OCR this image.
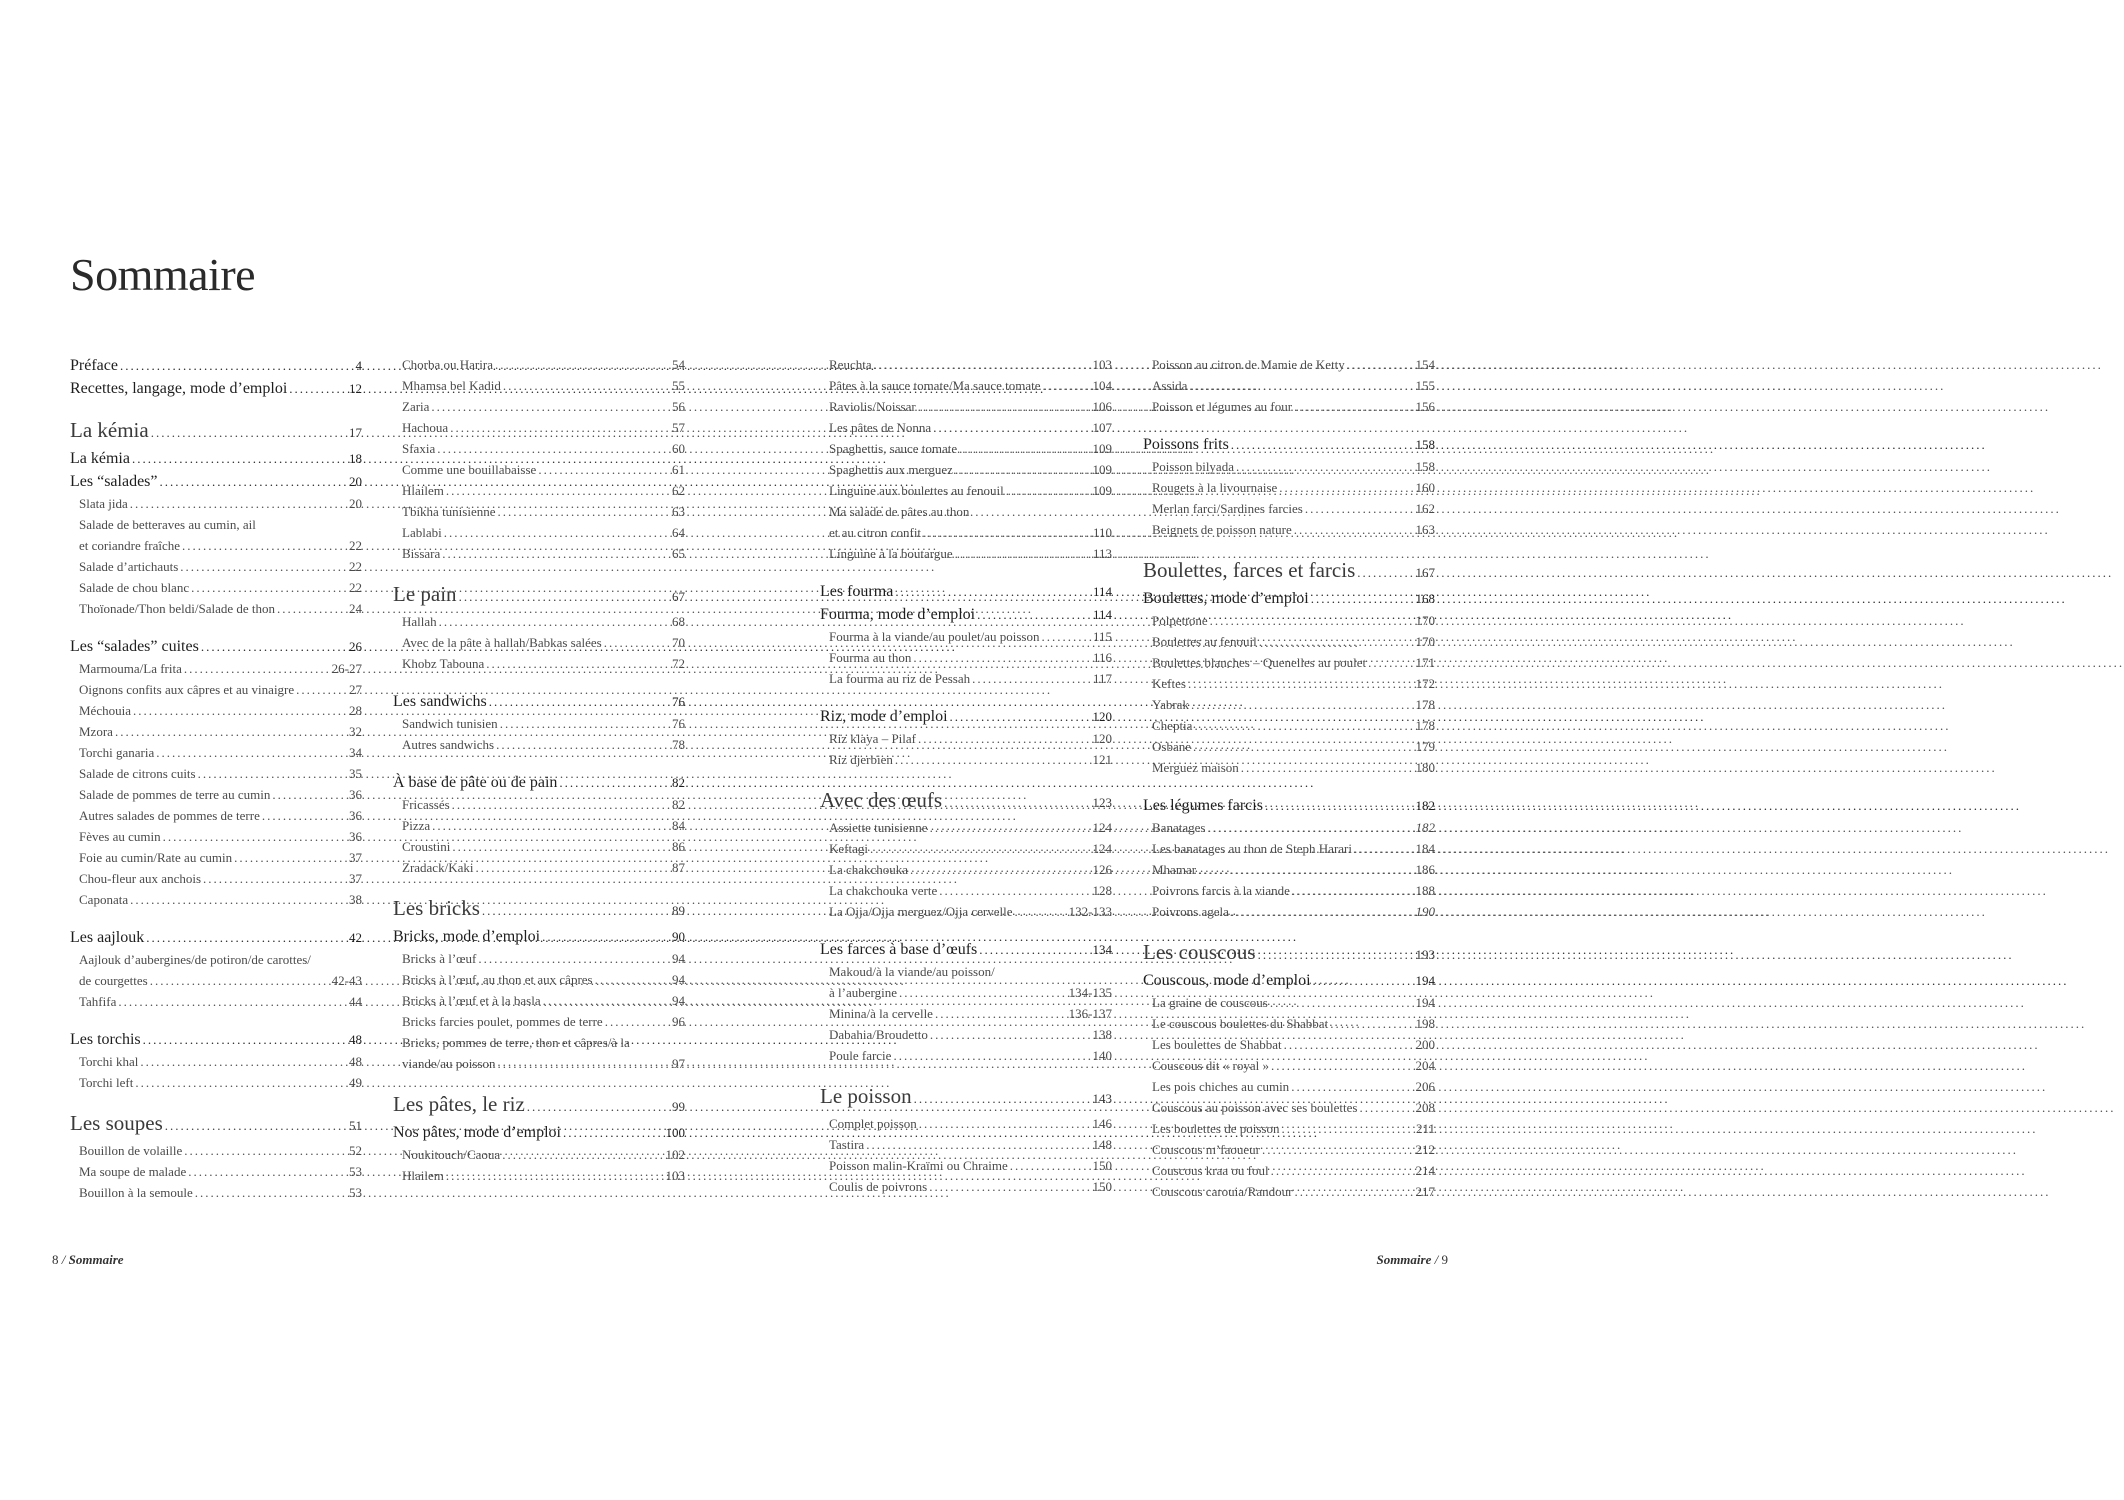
Sommaire
Préface .....	4
Recettes, langage, mode d’emploi .....	12
La kémia .....	17
La kémia .....	18
Les “salades” .....	20
Slata jida .....	20
Salade de betteraves au cumin, ail
et coriandre fraîche .....	22
Salade d’artichauts .....	22
Salade de chou blanc .....	22
Thoïonade/Thon beldi/Salade de thon .....	24
Les “salades” cuites .....	26
Marmouma/La frita .....	26-27
Oignons confits aux câpres et au vinaigre .....	27
Méchouia .....	28
Mzora .....	32
Torchi ganaria .....	34
Salade de citrons cuits .....	35
Salade de pommes de terre au cumin .....	36
Autres salades de pommes de terre .....	36
Fèves au cumin .....	36
Foie au cumin/Rate au cumin .....	37
Chou-fleur aux anchois .....	37
Caponata .....	38
Les aajlouk .....	42
Aajlouk d’aubergines/de potiron/de carottes/
de courgettes .....	42-43
Tahfifa .....	44
Les torchis .....	48
Torchi khal .....	48
Torchi left .....	49
Les soupes .....	51
Bouillon de volaille .....	52
Ma soupe de malade .....	53
Bouillon à la semoule .....	53
Chorba ou Harira .....	54
Mhamsa bel Kadid .....	55
Zaria .....	56
Hachoua .....	57
Sfaxia .....	60
Comme une bouillabaisse .....	61
Hlailem .....	62
Tbikha tunisienne .....	63
Lablabi .....	64
Bissara .....	65
Le pain .....	67
Hallah .....	68
Avec de la pâte à hallah/Babkas salées .....	70
Khobz Tabouna .....	72
Les sandwichs .....	76
Sandwich tunisien .....	76
Autres sandwichs .....	78
À base de pâte ou de pain .....	82
Fricassés .....	82
Pizza .....	84
Croustini .....	86
Zradack/Kaki .....	87
Les bricks .....	89
Bricks, mode d’emploi .....	90
Bricks à l’œuf .....	94
Bricks à l’œuf, au thon et aux câpres .....	94
Bricks à l’œuf et à la basla .....	94
Bricks farcies poulet, pommes de terre .....	96
Bricks, pommes de terre, thon et câpres/à la
viande/au poisson .....	97
Les pâtes, le riz .....	99
Nos pâtes, mode d’emploi .....	100
Noukitouch/Caoua .....	102
Hlailem .....	103
Reuchta .....	103
Pâtes à la sauce tomate/Ma sauce tomate .....	104
Raviolis/Noissar .....	106
Les pâtes de Nonna .....	107
Spaghettis, sauce tomate .....	109
Spaghettis aux merguez .....	109
Linguine aux boulettes au fenouil .....	109
Ma salade de pâtes au thon
et au citron confit .....	110
Linguine à la boutargue .....	113
Les fourma .....	114
Fourma, mode d’emploi .....	114
Fourma à la viande/au poulet/au poisson .....	115
Fourma au thon .....	116
La fourma au riz de Pessah .....	117
Riz, mode d’emploi .....	120
Riz klaya – Pilaf .....	120
Riz djerbien .....	121
Avec des œufs .....	123
Assiette tunisienne .....	124
Keftagi .....	124
La chakchouka .....	126
La chakchouka verte .....	128
La Ojja/Ojja merguez/Ojja cervelle .....	132-133
Les farces à base d’œufs .....	134
Makoud/à la viande/au poisson/
à l’aubergine .....	134-135
Minina/à la cervelle .....	136-137
Dabahia/Broudetto .....	138
Poule farcie .....	140
Le poisson .....	143
Complet poisson .....	146
Tastira .....	148
Poisson malin-Kraïmi ou Chraime .....	150
Coulis de poivrons .....	150
Poisson au citron de Mamie de Ketty .....	154
Assida .....	155
Poisson et légumes au four .....	156
Poissons frits .....	158
Poisson bilyada .....	158
Rougets à la livournaise .....	160
Merlan farci/Sardines farcies .....	162
Beignets de poisson nature .....	163
Boulettes, farces et farcis .....	167
Boulettes, mode d’emploi .....	168
Polpettone .....	170
Boulettes au fenouil .....	170
Boulettes blanches – Quenelles au poulet .....	171
Keftes .....	172
Yabrak .....	178
Cheptia .....	178
Osbane .....	179
Merguez maison .....	180
Les légumes farcis .....	182
Banatages .....	182
Les banatages au thon de Steph Harari .....	184
Mhamar .....	186
Poivrons farcis à la viande .....	188
Poivrons agela .....	190
Les couscous .....	193
Couscous, mode d’emploi .....	194
La graine de couscous .....	194
Le couscous boulettes du Shabbat .....	198
Les boulettes de Shabbat .....	200
Couscous dit « royal » .....	204
Les pois chiches au cumin .....	206
Couscous au poisson avec ses boulettes .....	208
Les boulettes de poisson .....	211
Couscous m’faoueur .....	212
Couscous kraa ou foul .....	214
Couscous carouia/Randour .....	217
8 / Sommaire	Sommaire / 9
